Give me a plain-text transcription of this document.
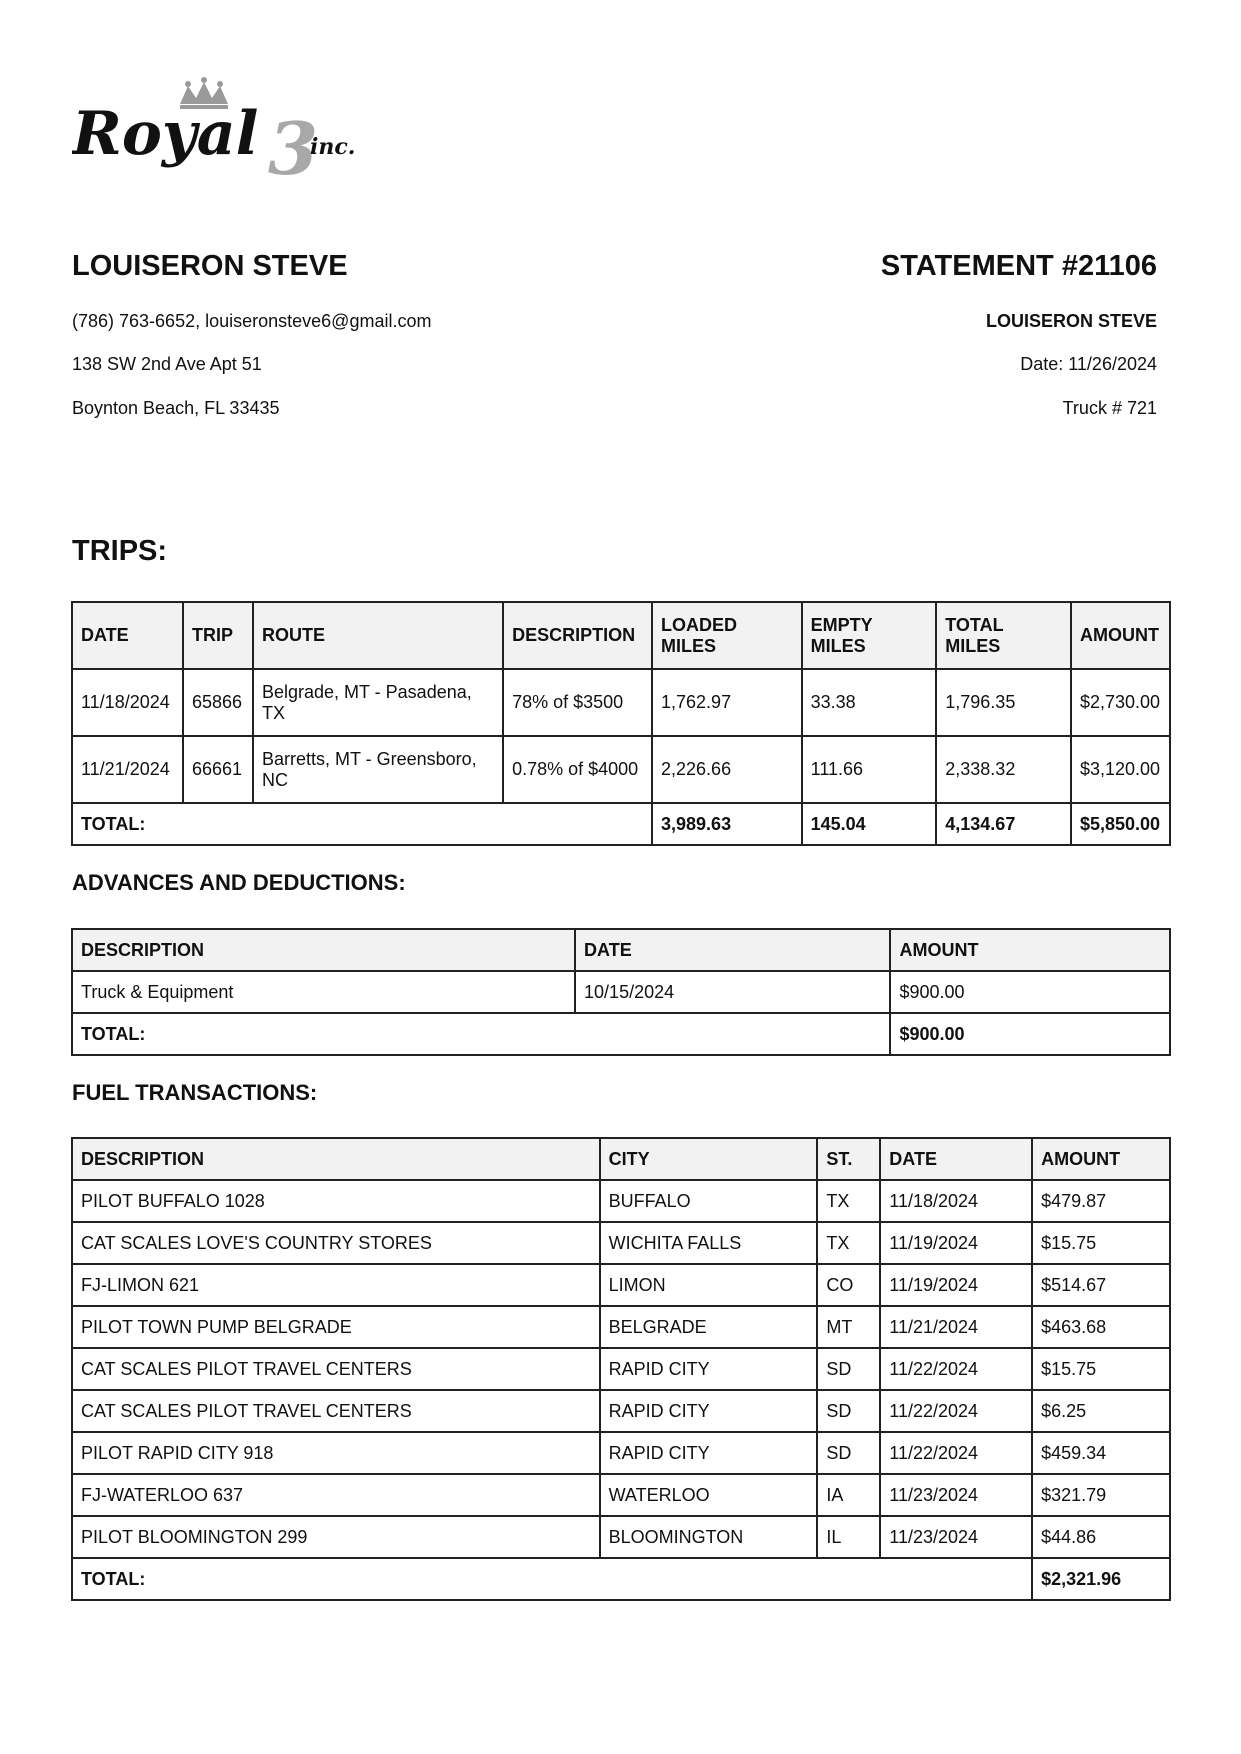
Royal 3
inc.
LOUISERON STEVE	STATEMENT #21106
(786) 763-6652, louiseronsteve6@gmail.com
138 SW 2nd Ave Apt 51
Boynton Beach, FL 33435
LOUISERON STEVE
Date: 11/26/2024
Truck # 721
TRIPS:
DATE	TRIP	ROUTE	DESCRIPTION	LOADED MILES	EMPTY MILES	TOTAL MILES	AMOUNT
11/18/2024	65866	Belgrade, MT - Pasadena, TX	78% of $3500	1,762.97	33.38	1,796.35	$2,730.00
11/21/2024	66661	Barretts, MT - Greensboro, NC	0.78% of $4000	2,226.66	111.66	2,338.32	$3,120.00
TOTAL:				3,989.63	145.04	4,134.67	$5,850.00
ADVANCES AND DEDUCTIONS:
DESCRIPTION	DATE	AMOUNT
Truck & Equipment	10/15/2024	$900.00
TOTAL:		$900.00
FUEL TRANSACTIONS:
DESCRIPTION	CITY	ST.	DATE	AMOUNT
PILOT BUFFALO 1028	BUFFALO	TX	11/18/2024	$479.87
CAT SCALES LOVE'S COUNTRY STORES	WICHITA FALLS	TX	11/19/2024	$15.75
FJ-LIMON 621	LIMON	CO	11/19/2024	$514.67
PILOT TOWN PUMP BELGRADE	BELGRADE	MT	11/21/2024	$463.68
CAT SCALES PILOT TRAVEL CENTERS	RAPID CITY	SD	11/22/2024	$15.75
CAT SCALES PILOT TRAVEL CENTERS	RAPID CITY	SD	11/22/2024	$6.25
PILOT RAPID CITY 918	RAPID CITY	SD	11/22/2024	$459.34
FJ-WATERLOO 637	WATERLOO	IA	11/23/2024	$321.79
PILOT BLOOMINGTON 299	BLOOMINGTON	IL	11/23/2024	$44.86
TOTAL:				$2,321.96
